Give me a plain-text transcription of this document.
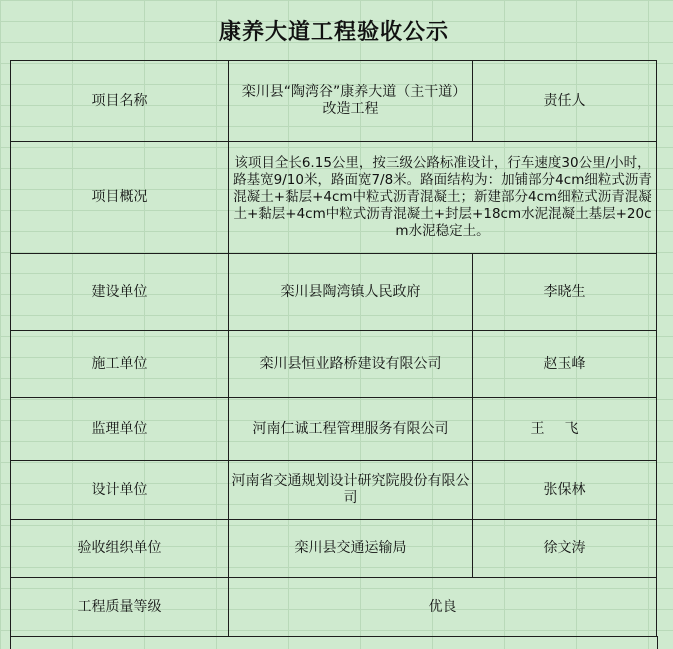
康养大道工程验收公示
项目名称	栾川县“陶湾谷”康养大道（主干道）改造工程	责任人
项目概况	该项目全长6.15公里，按三级公路标准设计，行车速度30公里/小时，路基宽9/10米，路面宽7/8米。路面结构为：加铺部分4cm细粒式沥青混凝土+黏层+4cm中粒式沥青混凝土；新建部分4cm细粒式沥青混凝土+黏层+4cm中粒式沥青混凝土+封层+18cm水泥混凝土基层+20cm水泥稳定土。	
建设单位	栾川县陶湾镇人民政府	李晓生
施工单位	栾川县恒业路桥建设有限公司	赵玉峰
监理单位	河南仁诚工程管理服务有限公司	王飞
设计单位	河南省交通规划设计研究院股份有限公司	张保林
验收组织单位	栾川县交通运输局	徐文涛
工程质量等级	优良	
